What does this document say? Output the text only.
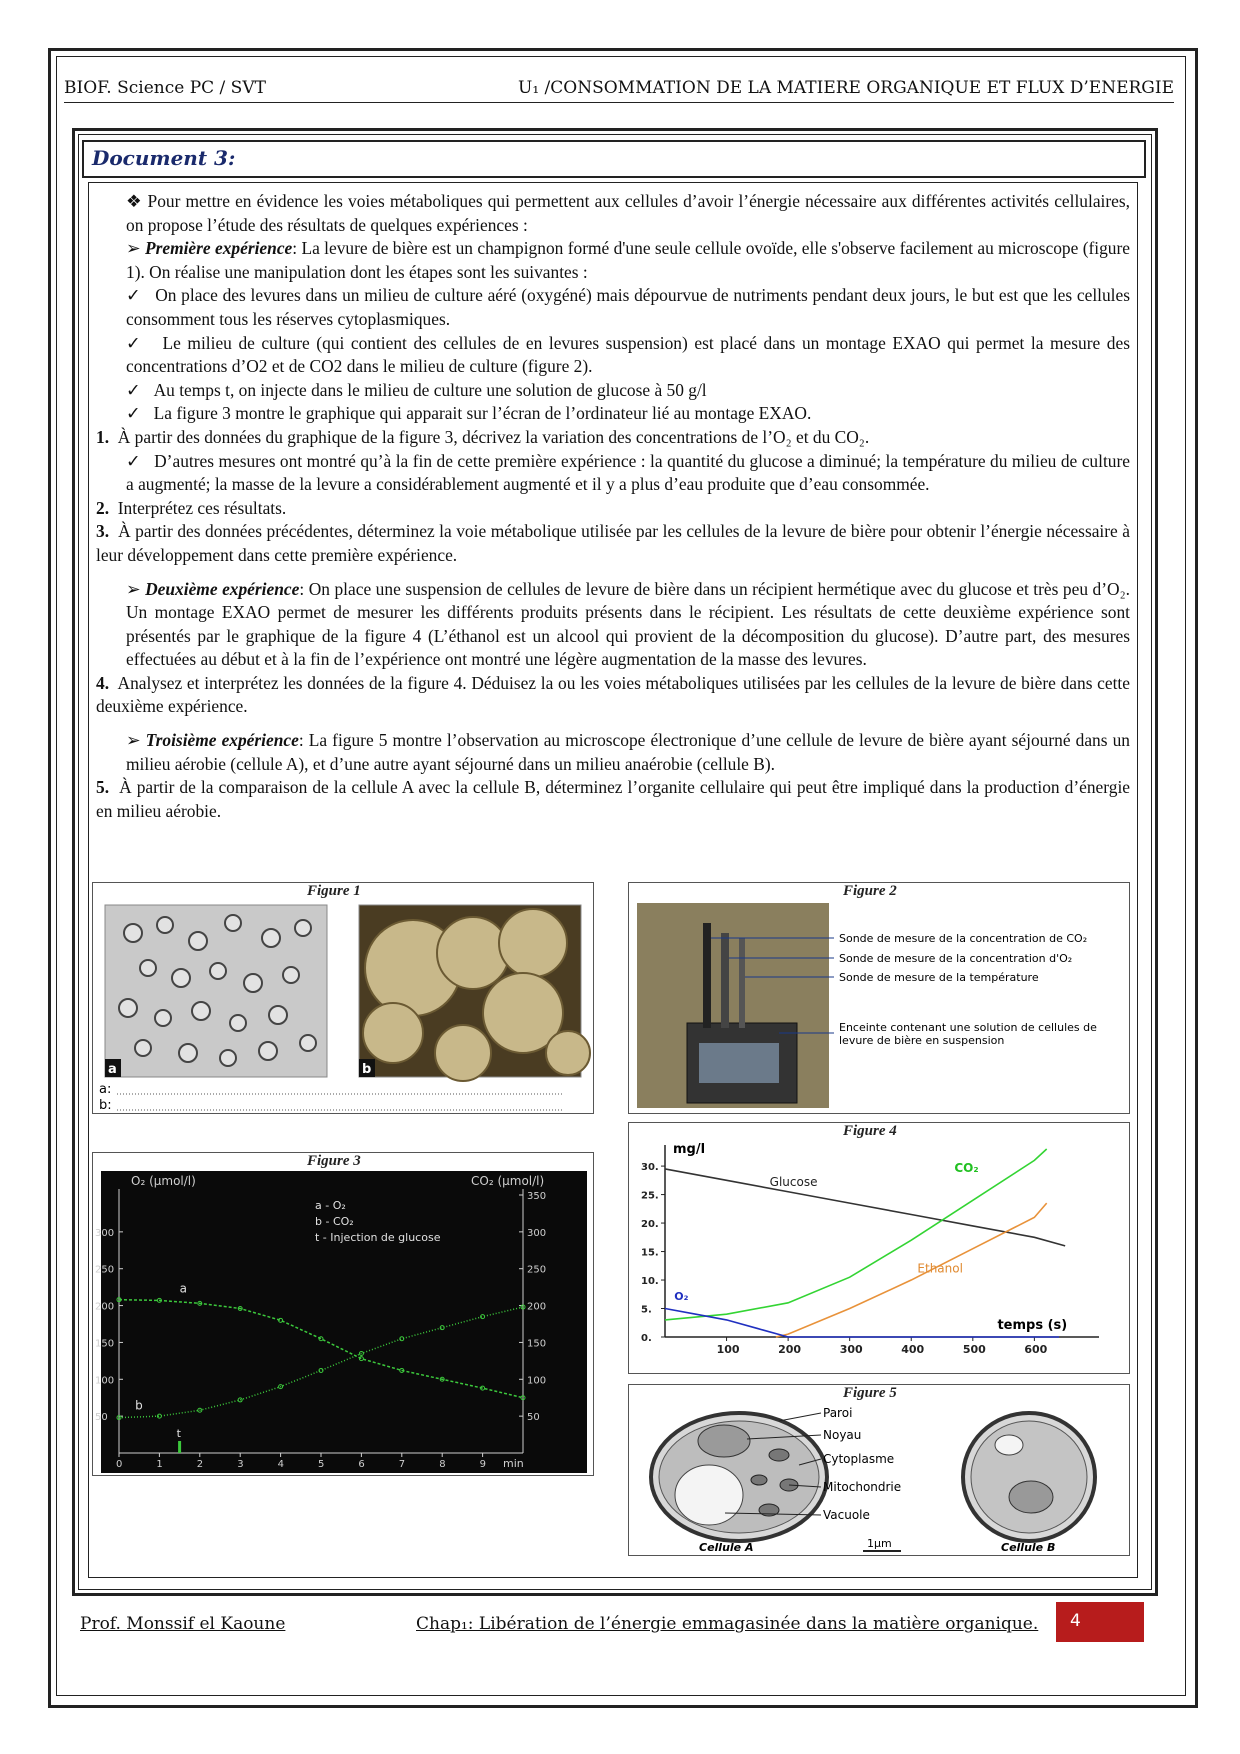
BIOF. Science PC / SVT	U₁ /CONSOMMATION DE LA MATIERE ORGANIQUE ET FLUX D’ENERGIE
Document 3:

❖ Pour mettre en évidence les voies métaboliques qui permettent aux cellules d’avoir l’énergie nécessaire aux différentes activités cellulaires, on propose l’étude des résultats de quelques expériences :

➢ Première expérience: La levure de bière est un champignon formé d'une seule cellule ovoïde, elle s'observe facilement au microscope (figure 1). On réalise une manipulation dont les étapes sont les suivantes :

✓   On place des levures dans un milieu de culture aéré (oxygéné) mais dépourvue de nutriments pendant deux jours, le but est que les cellules consomment tous les réserves cytoplasmiques.

✓   Le milieu de culture (qui contient des cellules de en levures suspension) est placé dans un montage EXAO qui permet la mesure des concentrations d’O2 et de CO2 dans le milieu de culture (figure 2).

✓   Au temps t, on injecte dans le milieu de culture une solution de glucose à 50 g/l

✓   La figure 3 montre le graphique qui apparait sur l’écran de l’ordinateur lié au montage EXAO.

1. À partir des données du graphique de la figure 3, décrivez la variation des concentrations de l’O₂ et du CO₂.

✓   D’autres mesures ont montré qu’à la fin de cette première expérience : la quantité du glucose a diminué; la température du milieu de culture a augmenté; la masse de la levure a considérablement augmenté et il y a plus d’eau produite que d’eau consommée.

2. Interprétez ces résultats.

3. À partir des données précédentes, déterminez la voie métabolique utilisée par les cellules de la levure de bière pour obtenir l’énergie nécessaire à leur développement dans cette première expérience.

➢ Deuxième expérience: On place une suspension de cellules de levure de bière dans un récipient hermétique avec du glucose et très peu d’O₂. Un montage EXAO permet de mesurer les différents produits présents dans le récipient. Les résultats de cette deuxième expérience sont présentés par le graphique de la figure 4 (L’éthanol est un alcool qui provient de la décomposition du glucose). D’autre part, des mesures effectuées au début et à la fin de l’expérience ont montré une légère augmentation de la masse des levures.

4. Analysez et interprétez les données de la figure 4. Déduisez la ou les voies métaboliques utilisées par les cellules de la levure de bière dans cette deuxième expérience.

➢ Troisième expérience: La figure 5 montre l’observation au microscope électronique d’une cellule de levure de bière ayant séjourné dans un milieu aérobie (cellule A), et d’une autre ayant séjourné dans un milieu anaérobie (cellule B).

5. À partir de la comparaison de la cellule A avec la cellule B, déterminez l’organite cellulaire qui peut être impliqué dans la production d’énergie en milieu aérobie.

Figure 1
a	b
a:
b:
Figure 2
Sonde de mesure de la concentration de CO₂
Sonde de mesure de la concentration d'O₂
Sonde de mesure de la température
Enceinte contenant une solution de cellules de
levure de bière en suspension
Figure 3
O₂ (µmol/l)	CO₂ (µmol/l)
a - O₂
b - CO₂
t - Injection de glucose
0	1	2	3	4	5	6	7	8	9
50
100
150
200
250
300
50
100
150
200
250
300
350
a
b
t
min
Figure 4
mg/l
temps (s)
100	200	300	400	500	600
0.
5.
10.
15.
20.
25.
30.
Glucose
CO₂
Ethanol
O₂
Figure 5
Paroi
Noyau
Cytoplasme
Mitochondrie
Vacuole
Cellule A	1µm	Cellule B
Prof. Monssif el Kaoune	Chap₁: Libération de l’énergie emmagasinée dans la matière organique. 4
